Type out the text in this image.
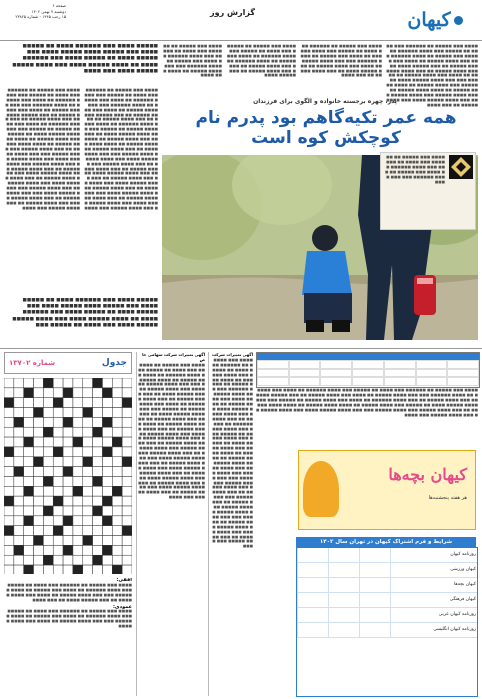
کیهان
گزارش روز
صفحه ۶
دوشنبه ۷ بهمن ۱۴۰۲
۱۵ رجب ۱۴۴۵ - شماره ۲۳۸۲۵
■■■■ ■■■ ■■■■■ ■■ ■■■■■■ ■■■ ■■■■ ■■ ■■■■■ ■■■ ■■■■ ■■■■■■ ■■ ■■■■ ■■■ ■■■■■ ■■ ■■■■ ■■■■■■ ■■■ ■■■ ■■■■ ■■■■■ ■■ ■■■■ ■■■ ■■■■ ■■■■■ ■■ ■■■ ■■■■■ ■■■■ ■■ ■■■ ■■■■ ■■■■■ ■■ ■■■ ■■■■ ■■■■■■ ■■ ■■■■ ■■■ ■■■■ ■■■■■ ■■ ■■■■■ ■■■ ■■■ ■■■■ ■■■■■ ■■■■ ■■ ■■■■■ ■■■ ■■■■ ■■■■■ ■■ ■■■■ ■■■■ ■■■■■ ■■ ■■■■ ■■■■ ■■■■■ ■■ ■■■ ■■■■ ■■■■■ ■■■ ■■■■ ■■■■■ ■■■ ■■■ ■■■■ ■■■■■ ■■■■ ■■■ ■■■■ ■■■■■ ■■ ■■■ ■■■■
■■■■ ■■■ ■■■■■ ■■ ■■■■■■ ■■■ ■■■■ ■■ ■■■■■ ■■■ ■■■■ ■■■■■■ ■■ ■■■■ ■■■ ■■■■■ ■■ ■■■■ ■■■■■■ ■■■ ■■■ ■■■■ ■■■■■ ■■ ■■■■ ■■■ ■■■■ ■■■■■ ■■ ■■■ ■■■■■ ■■■■ ■■ ■■■ ■■■■ ■■■■■ ■■ ■■■ ■■■■
■■■■ ■■■ ■■■■■ ■■ ■■■■■■ ■■■ ■■■■ ■■ ■■■■■ ■■■ ■■■■ ■■■■■■ ■■ ■■■■ ■■■ ■■■■■ ■■ ■■■■ ■■■■■■ ■■■ ■■■ ■■■■ ■■■■■ ■■ ■■■■ ■■■ ■■■■ ■■■■■ ■■ ■■■ ■■■■■ ■■■■
■■■■ ■■■ ■■■■■ ■■ ■■■■■■ ■■■ ■■■■ ■■ ■■■■■ ■■■ ■■■■ ■■■■■■ ■■ ■■■■ ■■■ ■■■■■ ■■ ■■■■ ■■■■■■ ■■■ ■■■ ■■■■ ■■■■■ ■■ ■■■■ ■■■ ■■■■
■■■■■ ■■■■ ■■■ ■■■■■■ ■■■■ ■■ ■■■■■ ■■■■ ■■■ ■■■■■ ■■■■ ■■■■■ ■■■■ ■■■ ■■■■■ ■■■■ ■■ ■■■■■ ■■■■ ■■■ ■■■■■■ ■■■■ ■■ ■■■■ ■■■■■ ■■■■ ■■■ ■■■■ ■■■■■ ■■■■■ ■■■■ ■■■ ■■■■
■■■■ ■■■ ■■■■■ ■■ ■■■■■■ ■■■ ■■■■ ■■ ■■■■■ ■■■ ■■■■ ■■■■■■ ■■ ■■■■ ■■■ ■■■■■ ■■ ■■■■ ■■■■■■ ■■■ ■■■ ■■■■ ■■■■■ ■■ ■■■■ ■■■ ■■■■ ■■■■■ ■■ ■■■ ■■■■■ ■■■■ ■■ ■■■ ■■■■ ■■■■■ ■■ ■■■ ■■■■ ■■■■■■ ■■ ■■■■ ■■■ ■■■■ ■■■■■ ■■ ■■■■■ ■■■ ■■■ ■■■■ ■■■■■ ■■■■ ■■ ■■■■■ ■■■ ■■■■ ■■■■■ ■■ ■■■■ ■■■■ ■■■■■ ■■ ■■■■ ■■■■ ■■■■■ ■■ ■■■ ■■■■ ■■■■■ ■■■ ■■■■ ■■■■■ ■■■ ■■■ ■■■■ ■■■■■ ■■■■ ■■■ ■■■■ ■■■■■ ■■ ■■■ ■■■■ ■■■■■ ■■■ ■■■■ ■■■■■ ■■ ■■■ ■■■■ ■■■■■ ■■■ ■■■■ ■■■■■ ■■■■ ■■■ ■■■ ■■■■ ■■■■■ ■■ ■■■ ■■■■ ■■■■■ ■■■■ ■■■ ■■■■ ■■■■■ ■■ ■■■ ■■■■ ■■■■■ ■■■ ■■■■ ■■■■■ ■■■■ ■■■ ■■■ ■■■■ ■■■■■ ■■ ■■■ ■■■■ ■■■■■ ■■■■ ■■■ ■■■■ ■■■■■ ■■ ■■■ ■■■■ ■■■■■ ■■■ ■■■■
■■■■ ■■■ ■■■■■ ■■ ■■■■■■ ■■■ ■■■■ ■■ ■■■■■ ■■■ ■■■■ ■■■■■■ ■■ ■■■■ ■■■ ■■■■■ ■■ ■■■■ ■■■■■■ ■■■ ■■■ ■■■■ ■■■■■ ■■ ■■■■ ■■■ ■■■■ ■■■■■ ■■ ■■■ ■■■■■ ■■■■ ■■ ■■■ ■■■■ ■■■■■ ■■ ■■■ ■■■■ ■■■■■■ ■■ ■■■■ ■■■ ■■■■ ■■■■■ ■■ ■■■■■ ■■■ ■■■ ■■■■ ■■■■■ ■■■■ ■■ ■■■■■ ■■■ ■■■■ ■■■■■ ■■ ■■■■ ■■■■ ■■■■■ ■■ ■■■■ ■■■■ ■■■■■ ■■ ■■■ ■■■■ ■■■■■ ■■■ ■■■■ ■■■■■ ■■■ ■■■ ■■■■ ■■■■■ ■■■■ ■■■ ■■■■ ■■■■■ ■■ ■■■ ■■■■ ■■■■■ ■■■ ■■■■ ■■■■■ ■■ ■■■ ■■■■ ■■■■■ ■■■ ■■■■ ■■■■■ ■■■■ ■■■ ■■■ ■■■■ ■■■■■ ■■ ■■■ ■■■■ ■■■■■ ■■■■ ■■■ ■■■■ ■■■■■ ■■ ■■■ ■■■■ ■■■■■ ■■■ ■■■■ ■■■■■ ■■■■ ■■■ ■■■ ■■■■ ■■■■■ ■■ ■■■ ■■■■ ■■■■■ ■■■■ ■■■ ■■■■ ■■■■■ ■■ ■■■ ■■■■ ■■■■■ ■■■ ■■■■
پدر، چهره برجسته خانواده و الگوی برای فرزندان
همه عمر تکیه‌گاهم بود پدرم نام کوچکش کوه است
■■■■ ■■■ ■■■■■ ■■ ■■■■■■ ■■■ ■■■■ ■■ ■■■■■ ■■■ ■■■■ ■■■■■■ ■■ ■■■■ ■■■ ■■■■■ ■■ ■■■■ ■■■■■■ ■■■ ■■■ ■■■■
■■■■■ ■■■■ ■■■ ■■■■■■ ■■■■ ■■ ■■■■■ ■■■■ ■■■ ■■■■■ ■■■■ ■■■■■ ■■■■ ■■■ ■■■■■ ■■■■ ■■ ■■■■■ ■■■■ ■■■ ■■■■■■ ■■■■ ■■ ■■■■ ■■■■■ ■■■■ ■■■ ■■■■ ■■■■■ ■■■■■ ■■■■ ■■■ ■■■■ ■■ ■■■■■ ■■■
شماره ۱۳۷۰۲	جدول
افقی:
■■■■ ■■■ ■■■■■ ■■ ■■■■■■ ■■■ ■■■■ ■■ ■■■■■ ■■■ ■■■■ ■■■■■■ ■■ ■■■■ ■■■ ■■■■■ ■■ ■■■■ ■■■■■■ ■■■ ■■■ ■■■■ ■■■■■ ■■ ■■■■ ■■■ ■■■■ ■■■■■ ■■ ■■■ ■■■■■ ■■■■ ■■ ■■■ ■■■■
عمودی:
■■■■ ■■■ ■■■■■ ■■ ■■■■■■ ■■■ ■■■■ ■■ ■■■■■ ■■■ ■■■■ ■■■■■■ ■■ ■■■■ ■■■ ■■■■■ ■■ ■■■■ ■■■■■■ ■■■ ■■■ ■■■■ ■■■■■ ■■ ■■■■ ■■■ ■■■■ ■■■■■
آگهی تغییرات شرکت سهامی خاص
■■■■ ■■■ ■■■■■ ■■ ■■■■■■ ■■■ ■■■■ ■■ ■■■■■ ■■■ ■■■■ ■■■■■■ ■■ ■■■■ ■■■ ■■■■■ ■■ ■■■■ ■■■■■■ ■■■ ■■■ ■■■■ ■■■■■ ■■ ■■■■ ■■■ ■■■■ ■■■■■ ■■ ■■■ ■■■■■ ■■■■ ■■ ■■■ ■■■■ ■■■■■ ■■ ■■■ ■■■■ ■■■■■■ ■■ ■■■■ ■■■ ■■■■ ■■■■■ ■■ ■■■■■ ■■■ ■■■ ■■■■ ■■■■■ ■■■■ ■■ ■■■■■ ■■■ ■■■■ ■■■■■ ■■ ■■■■ ■■■■ ■■■■■ ■■ ■■■■ ■■■■ ■■■■■ ■■ ■■■ ■■■■ ■■■■■ ■■■ ■■■■ ■■■■■ ■■■ ■■■ ■■■■ ■■■■■ ■■■■ ■■■ ■■■■ ■■■■■ ■■ ■■■ ■■■■ ■■■■■ ■■■ ■■■■ ■■■■■ ■■ ■■■ ■■■■ ■■■■■ ■■■ ■■■■ ■■■■■ ■■■■ ■■■ ■■■ ■■■■ ■■■■■ ■■ ■■■ ■■■■ ■■■■■ ■■■■ ■■■ ■■■■ ■■■■■ ■■ ■■■ ■■■■ ■■■■■ ■■■ ■■■■ ■■■■■ ■■■■ ■■■ ■■■ ■■■■ ■■■■■ ■■ ■■■ ■■■■ ■■■■■ ■■■■ ■■■ ■■■■ ■■■■■ ■■ ■■■ ■■■■ ■■■■■ ■■■ ■■■■
آگهی تغییرات شرکت
■■■■ ■■■ ■■■■■ ■■ ■■■■■■ ■■■ ■■■■ ■■ ■■■■■ ■■■ ■■■■ ■■■■■■ ■■ ■■■■ ■■■ ■■■■■ ■■ ■■■■ ■■■■■■ ■■■ ■■■ ■■■■ ■■■■■ ■■ ■■■■ ■■■ ■■■■ ■■■■■ ■■ ■■■ ■■■■■ ■■■■ ■■ ■■■ ■■■■ ■■■■■ ■■ ■■■ ■■■■ ■■■■■■ ■■ ■■■■ ■■■ ■■■■ ■■■■■ ■■ ■■■■■ ■■■ ■■■ ■■■■ ■■■■■ ■■■■ ■■ ■■■■■ ■■■ ■■■■ ■■■■■ ■■ ■■■■ ■■■■ ■■■■■ ■■ ■■■■ ■■■■ ■■■■■ ■■ ■■■ ■■■■ ■■■■■ ■■■ ■■■■ ■■■■■ ■■■ ■■■ ■■■■ ■■■■■ ■■■■ ■■■ ■■■■ ■■■■■ ■■ ■■■ ■■■■ ■■■■■ ■■■ ■■■■ ■■■■■ ■■ ■■■ ■■■■ ■■■■■ ■■■ ■■■■ ■■■■■ ■■■■ ■■■ ■■■ ■■■■ ■■■■■ ■■ ■■■ ■■■■ ■■■■■ ■■■■ ■■■ ■■■■ ■■■■■ ■■ ■■■ ■■■■ ■■■■■ ■■■ ■■■■
■■■■ ■■■ ■■■■■ ■■ ■■■■■■ ■■■ ■■■■ ■■ ■■■■■ ■■■ ■■■■ ■■■■■■ ■■ ■■■■ ■■■ ■■■■■ ■■ ■■■■ ■■■■■■ ■■■ ■■■ ■■■■ ■■■■■ ■■ ■■■■ ■■■ ■■■■ ■■■■■ ■■ ■■■ ■■■■■ ■■■■ ■■ ■■■ ■■■■ ■■■■■ ■■ ■■■ ■■■■ ■■■■■■ ■■ ■■■■ ■■■ ■■■■ ■■■■■ ■■ ■■■■■ ■■■ ■■■ ■■■■ ■■■■■ ■■■■ ■■ ■■■■■ ■■■ ■■■■ ■■■■■ ■■ ■■■■ ■■■■ ■■■■■ ■■ ■■■■ ■■■■ ■■■■■ ■■ ■■■ ■■■■ ■■■■■ ■■■ ■■■■ ■■■■■ ■■■ ■■■ ■■■■ ■■■■■ ■■■■ ■■■ ■■■■ ■■■■■ ■■ ■■■ ■■■■ ■■■■■ ■■■ ■■■■
کیهان بچه‌ها
هر هفته پنجشنبه‌ها
شرایط و فرم اشتراک کیهان در تهران سال ۱۴۰۲
روزنامه کیهان
کیهان ورزشی
کیهان بچه‌ها
کیهان فرهنگی
روزنامه کیهان عربی
روزنامه کیهان انگلیسی
